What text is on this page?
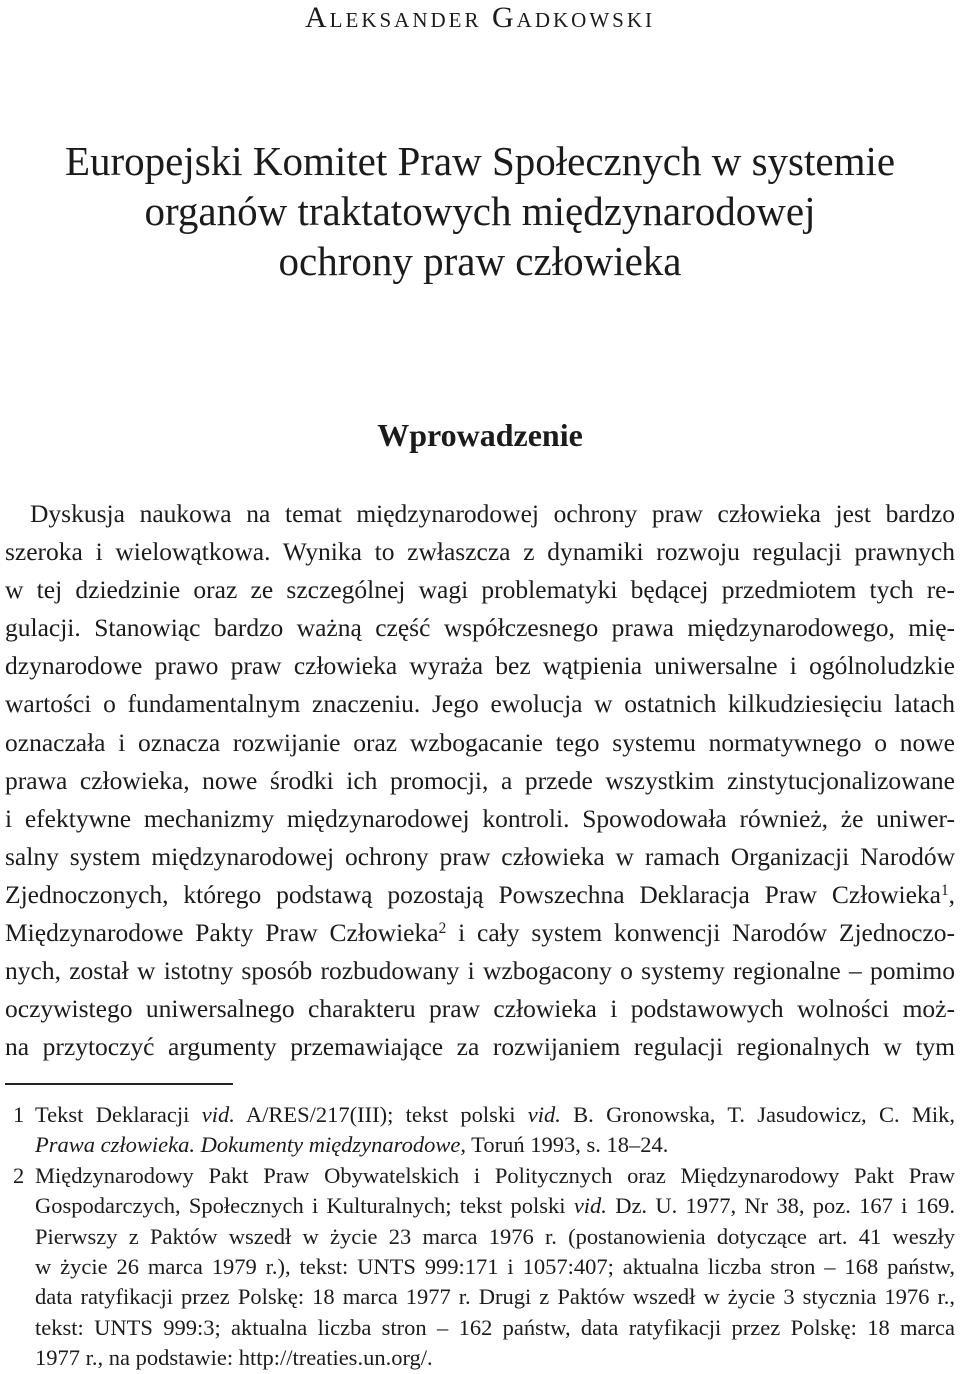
Aleksander Gadkowski
Europejski Komitet Praw Społecznych w systemie
organów traktatowych międzynarodowej
ochrony praw człowieka
Wprowadzenie
Dyskusja naukowa na temat międzynarodowej ochrony praw człowieka jest bardzo
szeroka i wielowątkowa. Wynika to zwłaszcza z dynamiki rozwoju regulacji prawnych
w tej dziedzinie oraz ze szczególnej wagi problematyki będącej przedmiotem tych re-
gulacji. Stanowiąc bardzo ważną część współczesnego prawa międzynarodowego, mię-
dzynarodowe prawo praw człowieka wyraża bez wątpienia uniwersalne i ogólnoludzkie
wartości o fundamentalnym znaczeniu. Jego ewolucja w ostatnich kilkudziesięciu latach
oznaczała i oznacza rozwijanie oraz wzbogacanie tego systemu normatywnego o nowe
prawa człowieka, nowe środki ich promocji, a przede wszystkim zinstytucjonalizowane
i efektywne mechanizmy międzynarodowej kontroli. Spowodowała również, że uniwer-
salny system międzynarodowej ochrony praw człowieka w ramach Organizacji Narodów
Zjednoczonych, którego podstawą pozostają Powszechna Deklaracja Praw Człowieka$^1$,
Międzynarodowe Pakty Praw Człowieka$^2$ i cały system konwencji Narodów Zjednoczo-
nych, został w istotny sposób rozbudowany i wzbogacony o systemy regionalne – pomimo
oczywistego uniwersalnego charakteru praw człowieka i podstawowych wolności moż-
na przytoczyć argumenty przemawiające za rozwijaniem regulacji regionalnych w tym
1 Tekst Deklaracji vid. A/RES/217(III); tekst polski vid. B. Gronowska, T. Jasudowicz, C. Mik,
Prawa człowieka. Dokumenty międzynarodowe, Toruń 1993, s. 18–24.
2 Międzynarodowy Pakt Praw Obywatelskich i Politycznych oraz Międzynarodowy Pakt Praw
Gospodarczych, Społecznych i Kulturalnych; tekst polski vid. Dz. U. 1977, Nr 38, poz. 167 i 169.
Pierwszy z Paktów wszedł w życie 23 marca 1976 r. (postanowienia dotyczące art. 41 weszły
w życie 26 marca 1979 r.), tekst: UNTS 999:171 i 1057:407; aktualna liczba stron – 168 państw,
data ratyfikacji przez Polskę: 18 marca 1977 r. Drugi z Paktów wszedł w życie 3 stycznia 1976 r.,
tekst: UNTS 999:3; aktualna liczba stron – 162 państw, data ratyfikacji przez Polskę: 18 marca
1977 r., na podstawie: http://treaties.un.org/.
